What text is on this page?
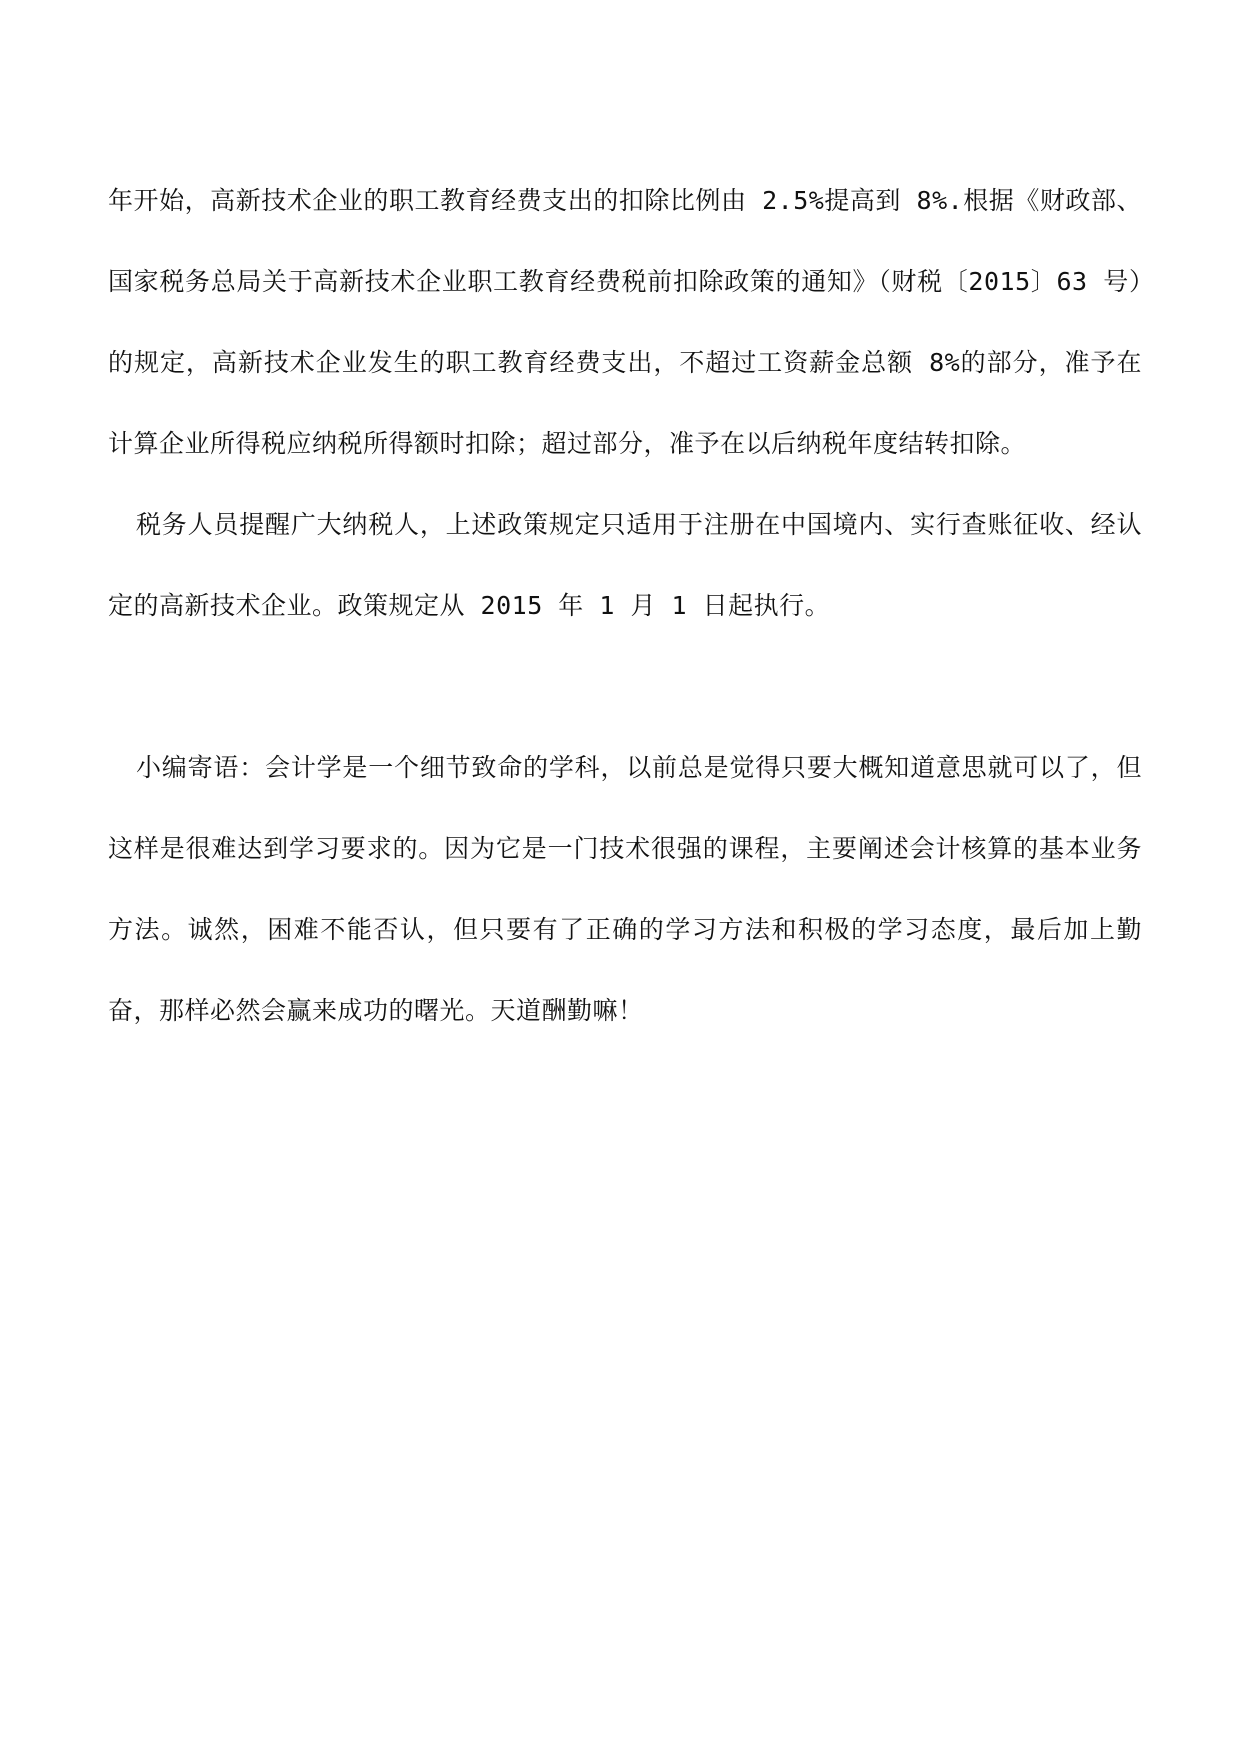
年开始，高新技术企业的职工教育经费支出的扣除比例由 2.5%提高到 8%.根据《财政部、国家税务总局关于高新技术企业职工教育经费税前扣除政策的通知》（财税〔2015〕63 号）的规定，高新技术企业发生的职工教育经费支出，不超过工资薪金总额 8%的部分，准予在计算企业所得税应纳税所得额时扣除；超过部分，准予在以后纳税年度结转扣除。

税务人员提醒广大纳税人，上述政策规定只适用于注册在中国境内、实行查账征收、经认定的高新技术企业。政策规定从 2015 年 1 月 1 日起执行。

小编寄语：会计学是一个细节致命的学科，以前总是觉得只要大概知道意思就可以了，但这样是很难达到学习要求的。因为它是一门技术很强的课程，主要阐述会计核算的基本业务方法。诚然，困难不能否认，但只要有了正确的学习方法和积极的学习态度，最后加上勤奋，那样必然会赢来成功的曙光。天道酬勤嘛！
